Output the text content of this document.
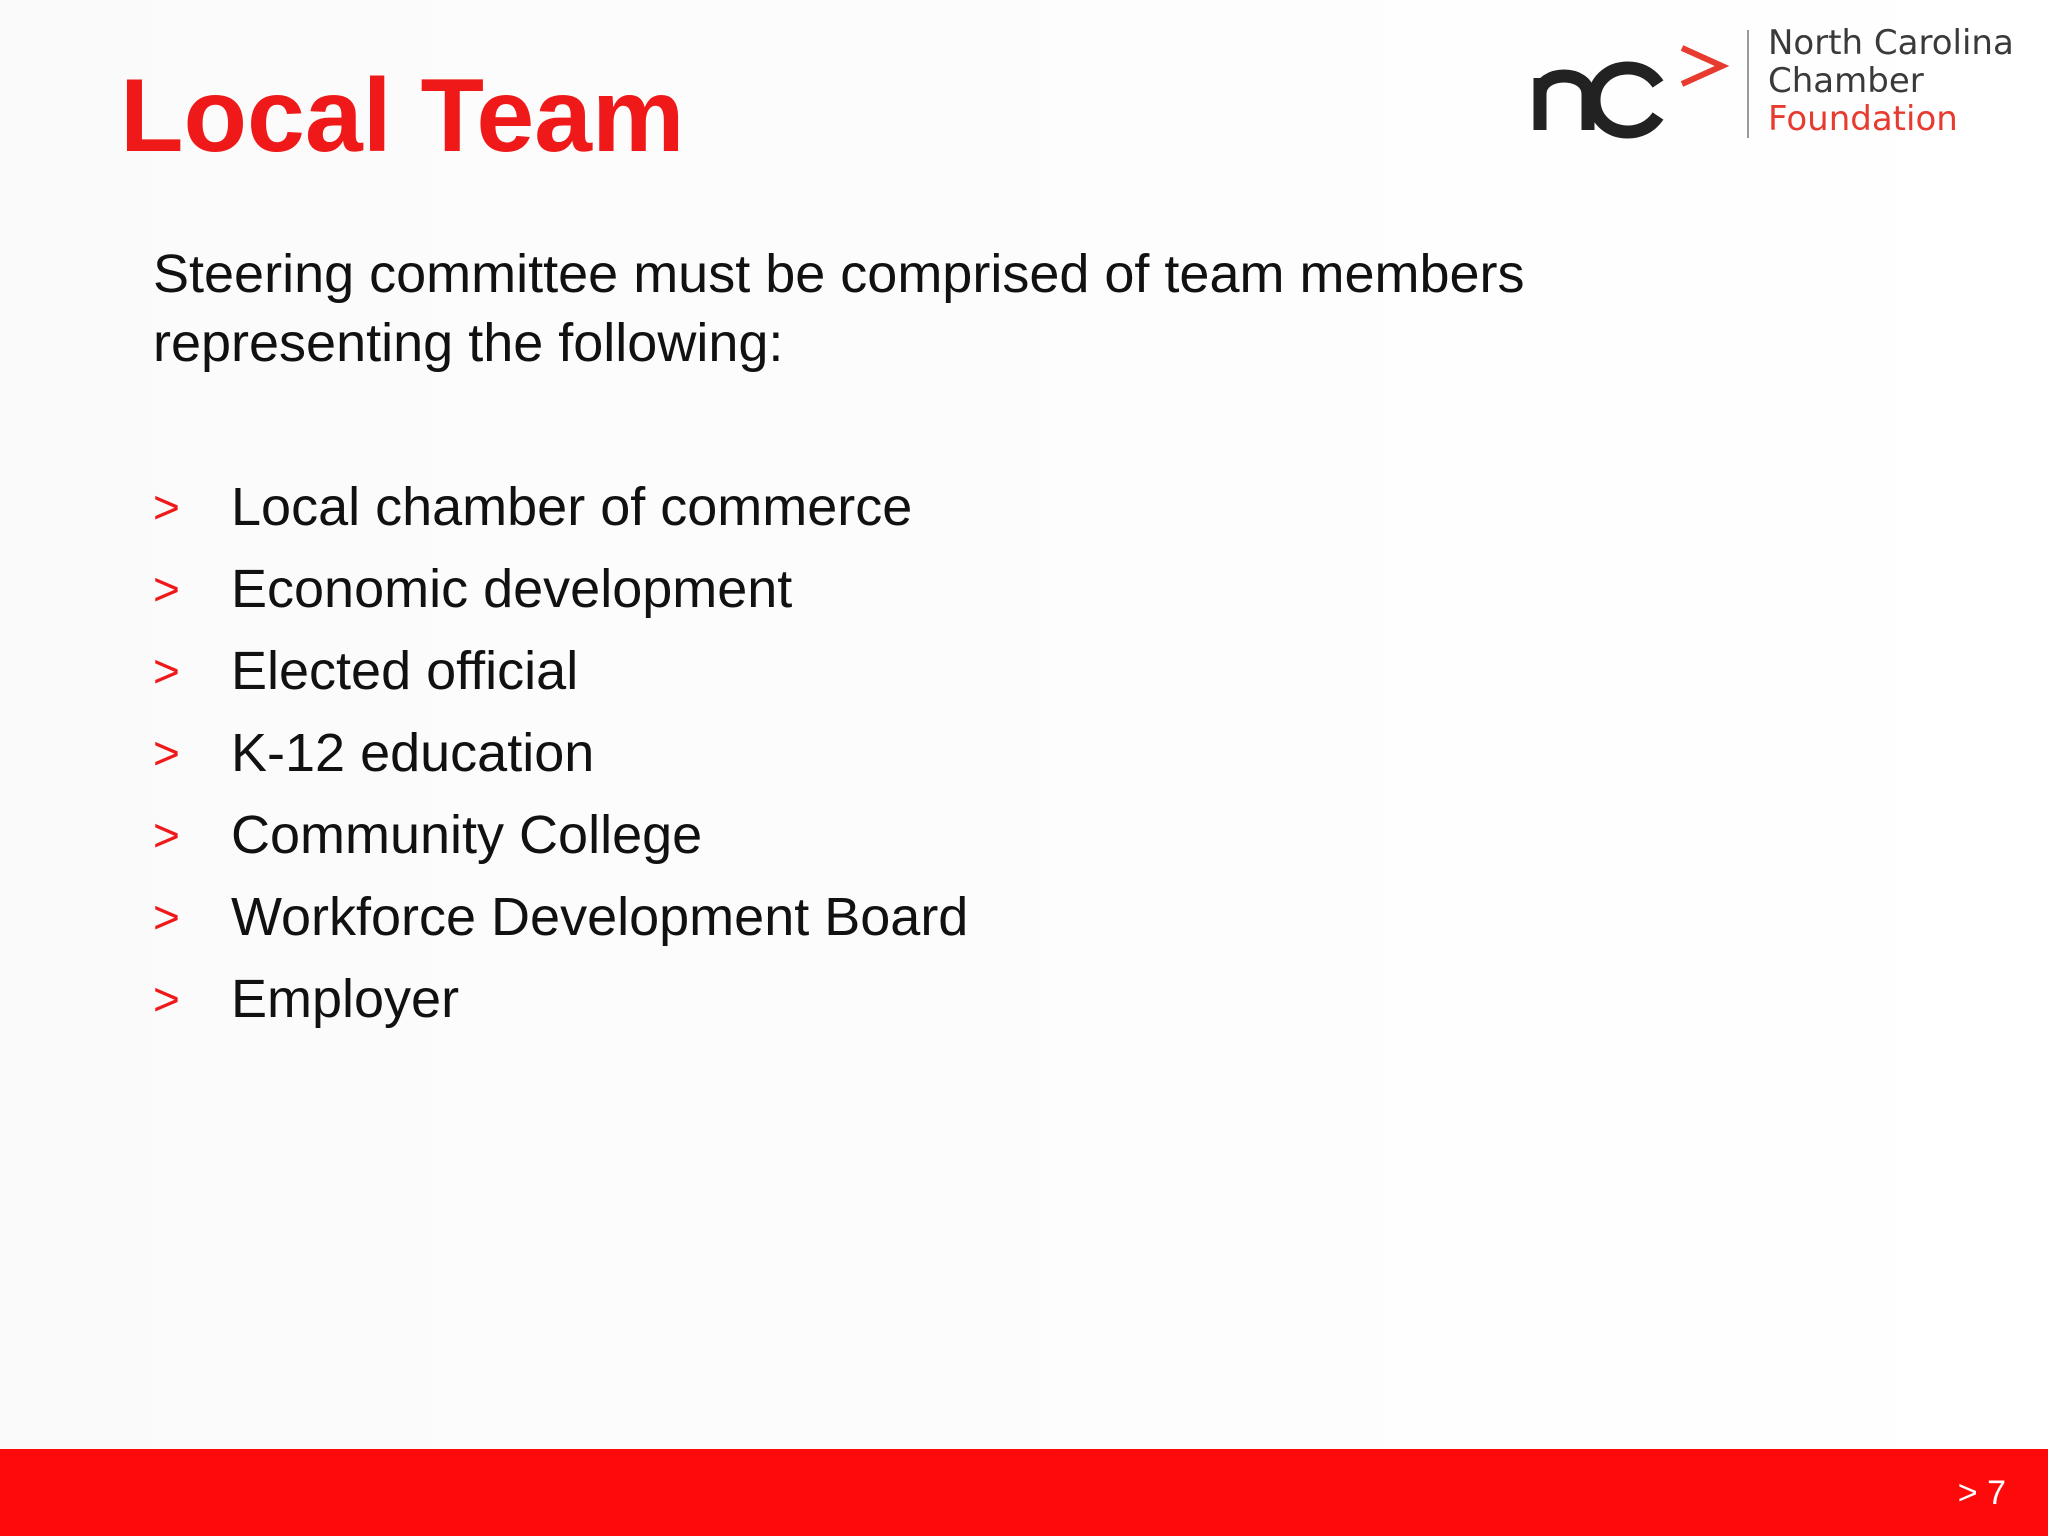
Local Team
North Carolina
Chamber
Foundation

Steering committee must be comprised of team members representing the following:

> Local chamber of commerce
> Economic development
> Elected official
> K-12 education
> Community College
> Workforce Development Board
> Employer
> 7
